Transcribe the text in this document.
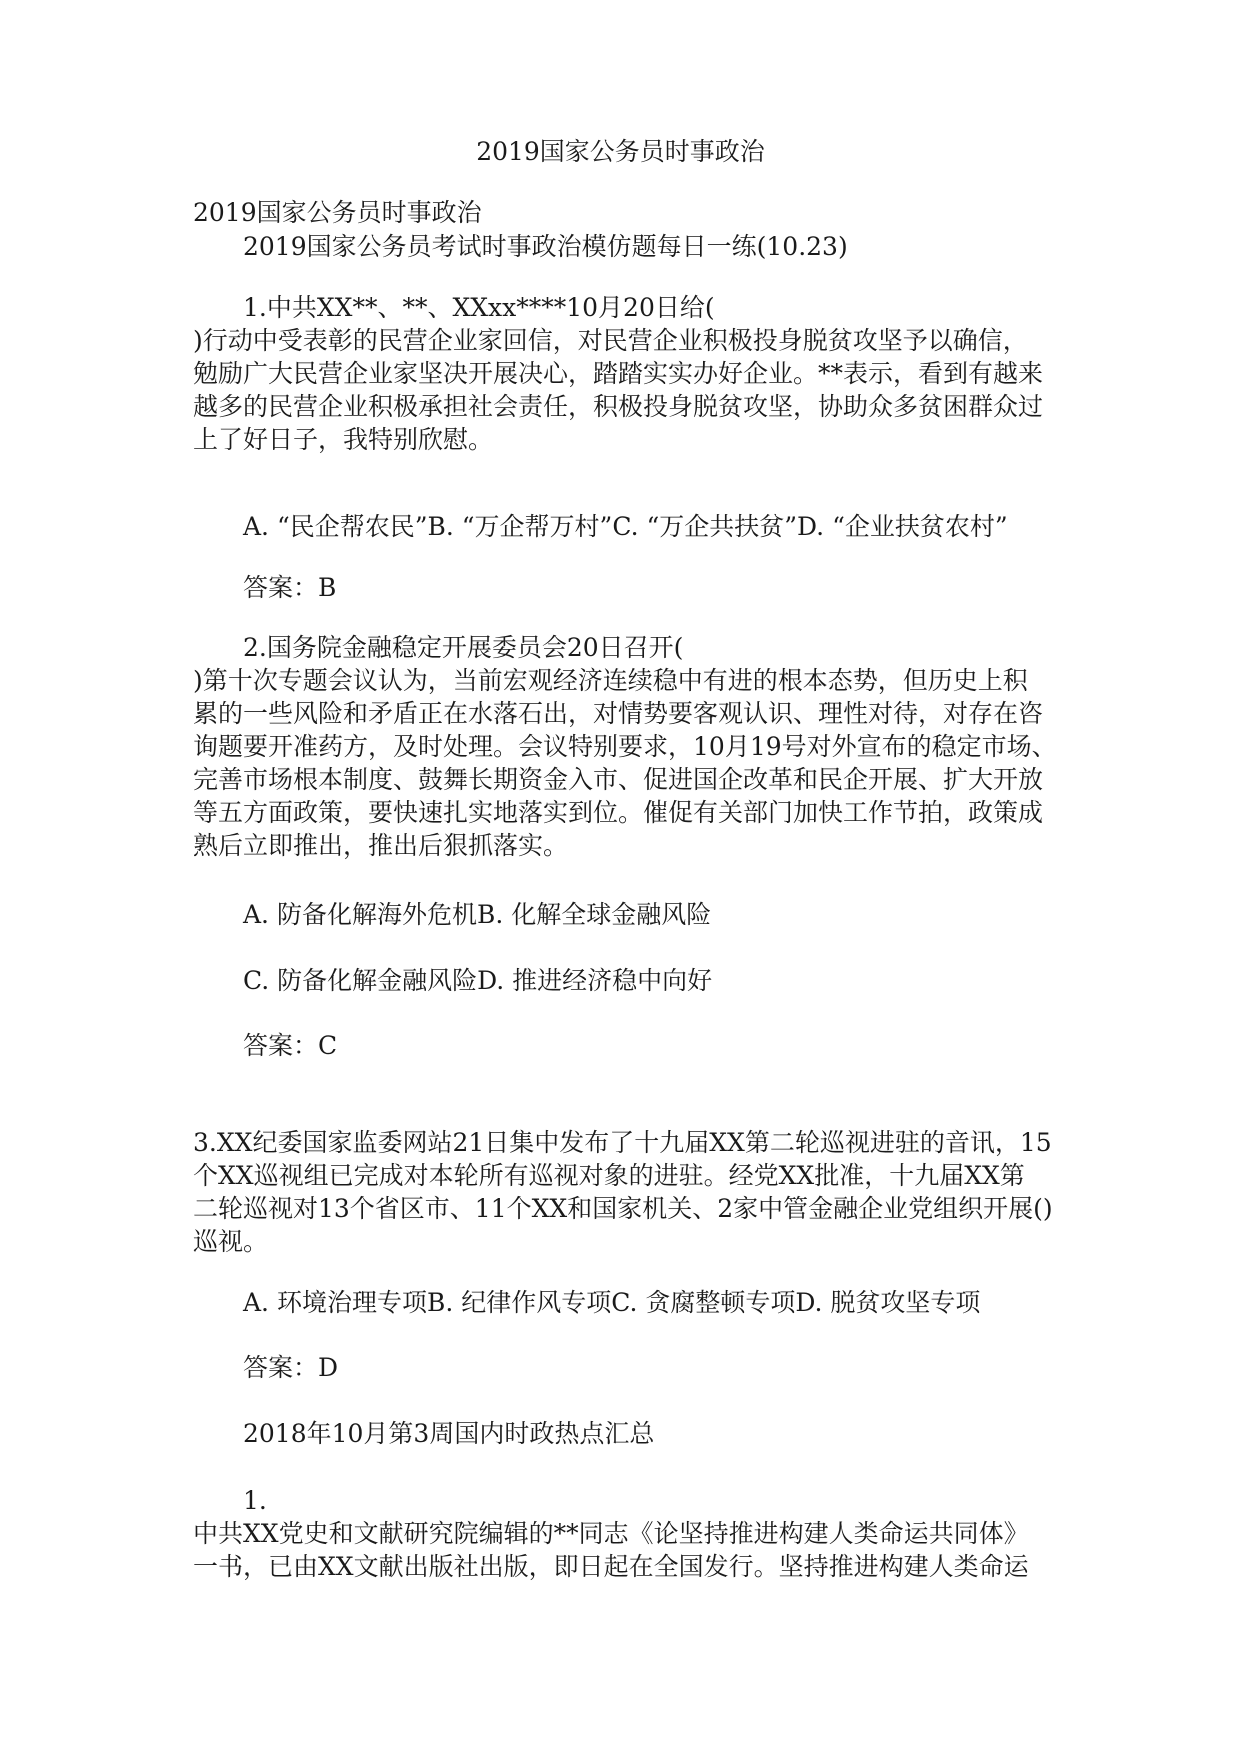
2019国家公务员时事政治

2019国家公务员时事政治

2019国家公务员考试时事政治模仿题每日一练(10.23)

1.中共XX**、**、XXxx****10月20日给(

)行动中受表彰的民营企业家回信，对民营企业积极投身脱贫攻坚予以确信，

勉励广大民营企业家坚决开展决心，踏踏实实办好企业。**表示，看到有越来

越多的民营企业积极承担社会责任，积极投身脱贫攻坚，协助众多贫困群众过

上了好日子，我特别欣慰。

A. “民企帮农民”B. “万企帮万村”C. “万企共扶贫”D. “企业扶贫农村”

答案：B

2.国务院金融稳定开展委员会20日召开(

)第十次专题会议认为，当前宏观经济连续稳中有进的根本态势，但历史上积

累的一些风险和矛盾正在水落石出，对情势要客观认识、理性对待，对存在咨

询题要开准药方，及时处理。会议特别要求，10月19号对外宣布的稳定市场、

完善市场根本制度、鼓舞长期资金入市、促进国企改革和民企开展、扩大开放

等五方面政策，要快速扎实地落实到位。催促有关部门加快工作节拍，政策成

熟后立即推出，推出后狠抓落实。

A. 防备化解海外危机B. 化解全球金融风险

C. 防备化解金融风险D. 推进经济稳中向好

答案：C

3.XX纪委国家监委网站21日集中发布了十九届XX第二轮巡视进驻的音讯，15

个XX巡视组已完成对本轮所有巡视对象的进驻。经党XX批准，十九届XX第

二轮巡视对13个省区市、11个XX和国家机关、2家中管金融企业党组织开展()

巡视。

A. 环境治理专项B. 纪律作风专项C. 贪腐整顿专项D. 脱贫攻坚专项

答案：D

2018年10月第3周国内时政热点汇总

1.

中共XX党史和文献研究院编辑的**同志《论坚持推进构建人类命运共同体》

一书，已由XX文献出版社出版，即日起在全国发行。坚持推进构建人类命运
